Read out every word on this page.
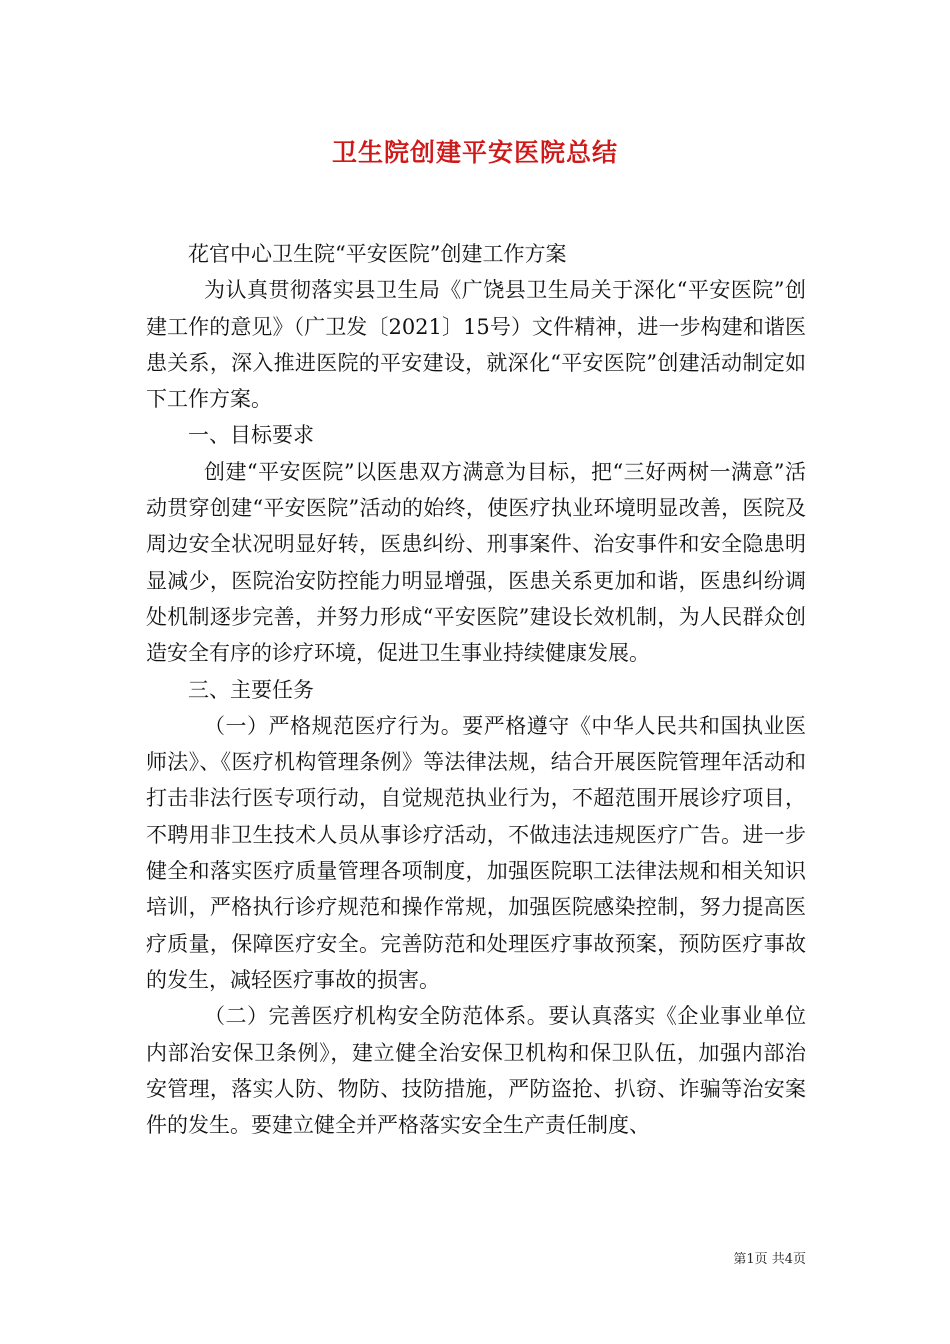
卫生院创建平安医院总结

花官中心卫生院“平安医院”创建工作方案

为认真贯彻落实县卫生局《广饶县卫生局关于深化“平安医院”创建工作的意见》（广卫发〔2021〕15号）文件精神，进一步构建和谐医患关系，深入推进医院的平安建设，就深化“平安医院”创建活动制定如下工作方案。

一、目标要求

创建“平安医院”以医患双方满意为目标，把“三好两树一满意”活动贯穿创建“平安医院”活动的始终，使医疗执业环境明显改善，医院及周边安全状况明显好转，医患纠纷、刑事案件、治安事件和安全隐患明显减少，医院治安防控能力明显增强，医患关系更加和谐，医患纠纷调处机制逐步完善，并努力形成“平安医院”建设长效机制，为人民群众创造安全有序的诊疗环境，促进卫生事业持续健康发展。

三、主要任务

（一）严格规范医疗行为。要严格遵守《中华人民共和国执业医师法》、《医疗机构管理条例》等法律法规，结合开展医院管理年活动和打击非法行医专项行动，自觉规范执业行为，不超范围开展诊疗项目，不聘用非卫生技术人员从事诊疗活动，不做违法违规医疗广告。进一步健全和落实医疗质量管理各项制度，加强医院职工法律法规和相关知识培训，严格执行诊疗规范和操作常规，加强医院感染控制，努力提高医疗质量，保障医疗安全。完善防范和处理医疗事故预案，预防医疗事故的发生，减轻医疗事故的损害。

（二）完善医疗机构安全防范体系。要认真落实《企业事业单位内部治安保卫条例》，建立健全治安保卫机构和保卫队伍，加强内部治安管理，落实人防、物防、技防措施，严防盗抢、扒窃、诈骗等治安案件的发生。要建立健全并严格落实安全生产责任制度、

第1页 共4页
